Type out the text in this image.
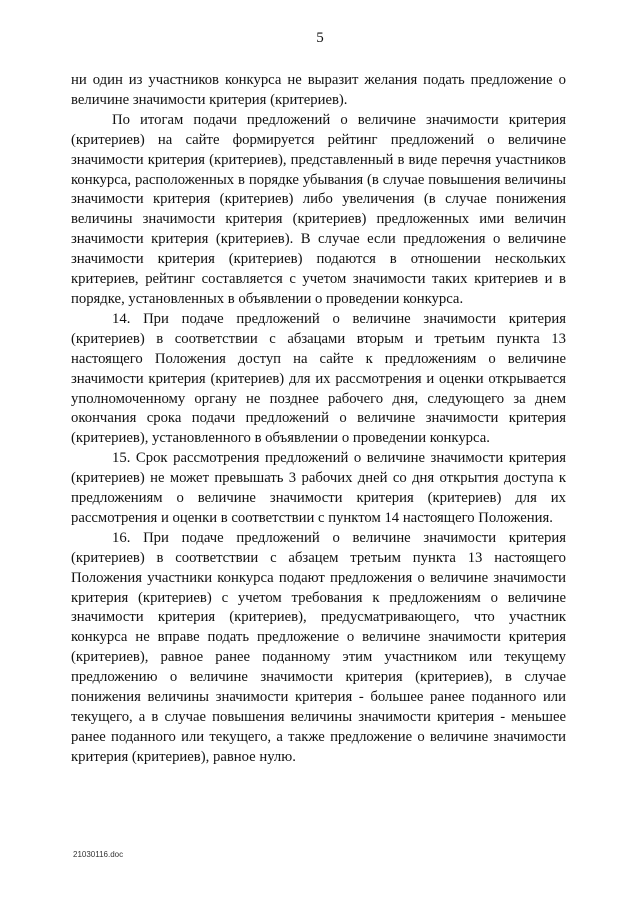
5

ни один из участников конкурса не выразит желания подать предложение о величине значимости критерия (критериев).

По итогам подачи предложений о величине значимости критерия (критериев) на сайте формируется рейтинг предложений о величине значимости критерия (критериев), представленный в виде перечня участников конкурса, расположенных в порядке убывания (в случае повышения величины значимости критерия (критериев) либо увеличения (в случае понижения величины значимости критерия (критериев) предложенных ими величин значимости критерия (критериев). В случае если предложения о величине значимости критерия (критериев) подаются в отношении нескольких критериев, рейтинг составляется с учетом значимости таких критериев и в порядке, установленных в объявлении о проведении конкурса.

14. При подаче предложений о величине значимости критерия (критериев) в соответствии с абзацами вторым и третьим пункта 13 настоящего Положения доступ на сайте к предложениям о величине значимости критерия (критериев) для их рассмотрения и оценки открывается уполномоченному органу не позднее рабочего дня, следующего за днем окончания срока подачи предложений о величине значимости критерия (критериев), установленного в объявлении о проведении конкурса.

15. Срок рассмотрения предложений о величине значимости критерия (критериев) не может превышать 3 рабочих дней со дня открытия доступа к предложениям о величине значимости критерия (критериев) для их рассмотрения и оценки в соответствии с пунктом 14 настоящего Положения.

16. При подаче предложений о величине значимости критерия (критериев) в соответствии с абзацем третьим пункта 13 настоящего Положения участники конкурса подают предложения о величине значимости критерия (критериев) с учетом требования к предложениям о величине значимости критерия (критериев), предусматривающего, что участник конкурса не вправе подать предложение о величине значимости критерия (критериев), равное ранее поданному этим участником или текущему предложению о величине значимости критерия (критериев), в случае понижения величины значимости критерия - большее ранее поданного или текущего, а в случае повышения величины значимости критерия - меньшее ранее поданного или текущего, а также предложение о величине значимости критерия (критериев), равное нулю.

21030116.doc
